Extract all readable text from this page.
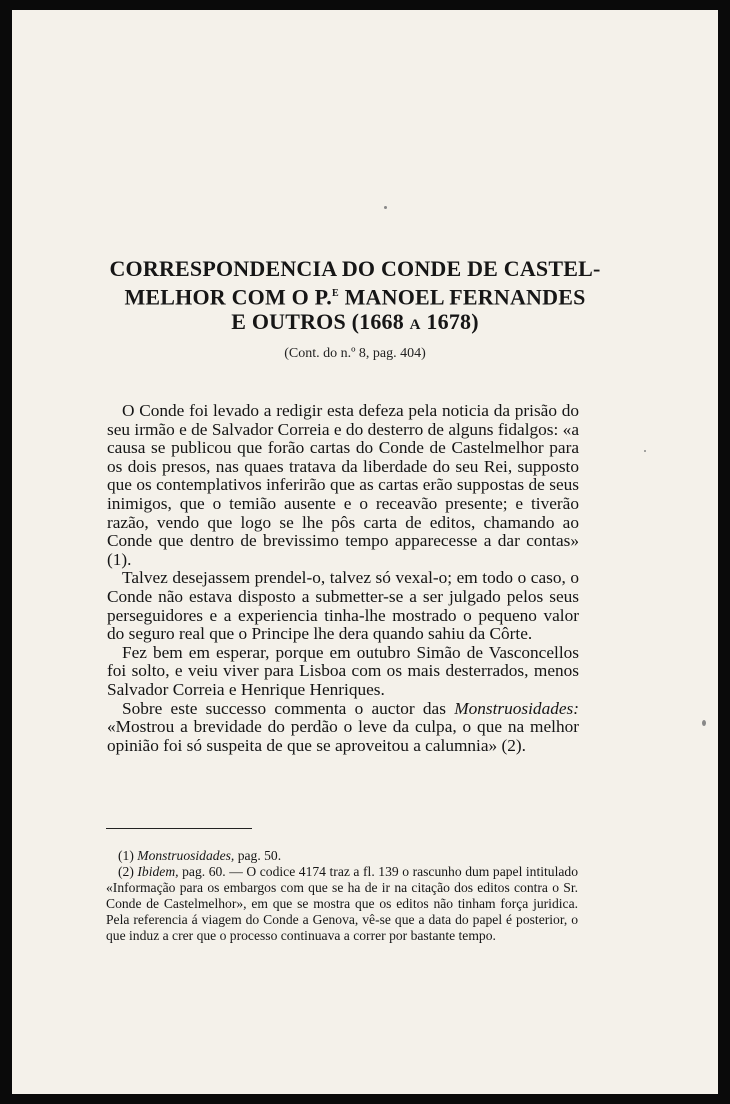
CORRESPONDENCIA DO CONDE DE CASTEL-
MELHOR COM O P.$^E$ MANOEL FERNANDES
E OUTROS (1668 A 1678)

(Cont. do n.º 8, pag. 404)

O Conde foi levado a redigir esta defeza pela noticia da prisão do seu irmão e de Salvador Correia e do desterro de alguns fidalgos: «a causa se publicou que forão cartas do Conde de Castelmelhor para os dois presos, nas quaes tratava da liberdade do seu Rei, supposto que os contemplativos inferirão que as cartas erão suppostas de seus inimigos, que o temião ausente e o receavão presente; e tiverão razão, vendo que logo se lhe pôs carta de editos, chamando ao Conde que dentro de brevissimo tempo apparecesse a dar contas» (1).

Talvez desejassem prendel-o, talvez só vexal-o; em todo o caso, o Conde não estava disposto a submetter-se a ser julgado pelos seus perseguidores e a experiencia tinha-lhe mostrado o pequeno valor do seguro real que o Principe lhe dera quando sahiu da Côrte.

Fez bem em esperar, porque em outubro Simão de Vasconcellos foi solto, e veiu viver para Lisboa com os mais desterrados, menos Salvador Correia e Henrique Henriques.

Sobre este successo commenta o auctor das Monstruosidades: «Mostrou a brevidade do perdão o leve da culpa, o que na melhor opinião foi só suspeita de que se aproveitou a calumnia» (2).

(1) Monstruosidades, pag. 50.

(2) Ibidem, pag. 60. — O codice 4174 traz a fl. 139 o rascunho dum papel intitulado «Informação para os embargos com que se ha de ir na citação dos editos contra o Sr. Conde de Castelmelhor», em que se mostra que os editos não tinham força juridica. Pela referencia á viagem do Conde a Genova, vê-se que a data do papel é posterior, o que induz a crer que o processo continuava a correr por bastante tempo.
